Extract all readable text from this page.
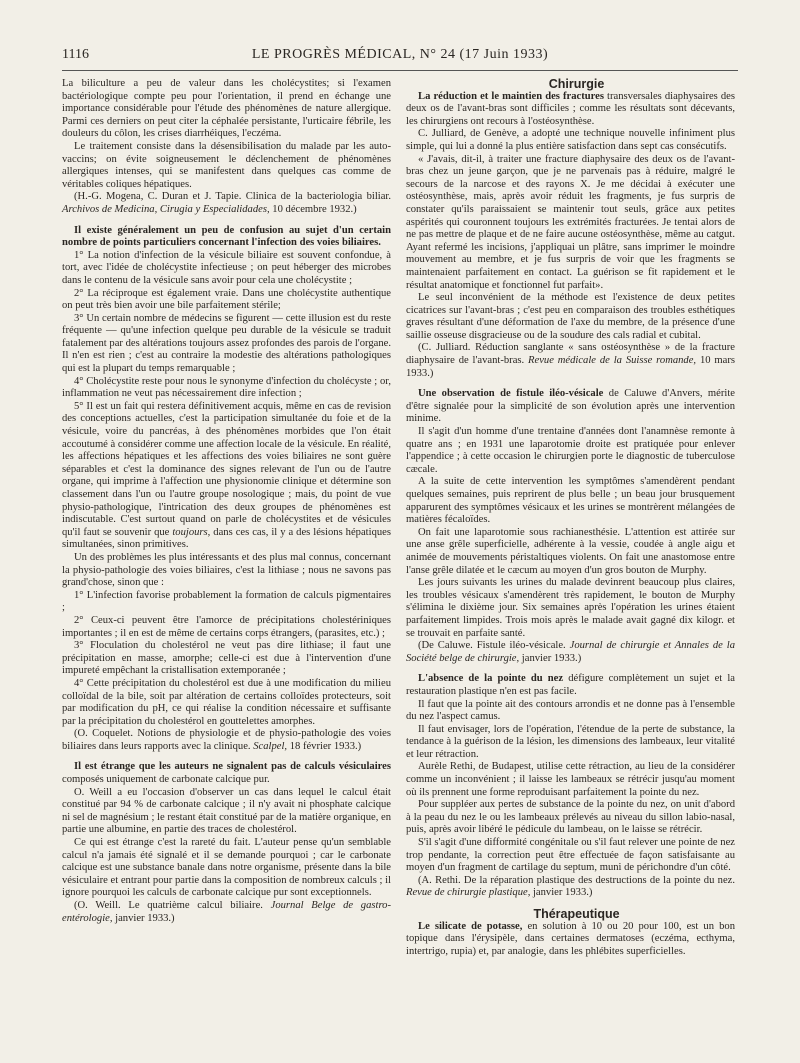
1116	LE PROGRÈS MÉDICAL, N° 24 (17 Juin 1933)

La biliculture a peu de valeur dans les cholécystites; si l'examen bactériologique compte peu pour l'orientation, il prend en échange une importance considérable pour l'étude des phénomènes de nature allergique. Parmi ces derniers on peut citer la céphalée persistante, l'urticaire fébrile, les douleurs du côlon, les crises diarrhéiques, l'eczéma.

Le traitement consiste dans la désensibilisation du malade par les auto-vaccins; on évite soigneusement le déclenchement de phénomènes allergiques intenses, qui se manifestent dans quelques cas comme de véritables coliques hépatiques.

(H.-G. Mogena, C. Duran et J. Tapie. Clinica de la bacteriologia biliar. Archivos de Medicina, Cirugia y Especialidades, 10 décembre 1932.)

Il existe généralement un peu de confusion au sujet d'un certain nombre de points particuliers concernant l'infection des voies biliaires.

1° La notion d'infection de la vésicule biliaire est souvent confondue, à tort, avec l'idée de cholécystite infectieuse ; on peut héberger des microbes dans le contenu de la vésicule sans avoir pour cela une cholécystite ;

2° La réciproque est également vraie. Dans une cholécystite authentique on peut très bien avoir une bile parfaitement stérile;

3° Un certain nombre de médecins se figurent — cette illusion est du reste fréquente — qu'une infection quelque peu durable de la vésicule se traduit fatalement par des altérations toujours assez profondes des parois de l'organe. Il n'en est rien ; c'est au contraire la modestie des altérations pathologiques qui est la plupart du temps remarquable ;

4° Cholécystite reste pour nous le synonyme d'infection du cholécyste ; or, inflammation ne veut pas nécessairement dire infection ;

5° Il est un fait qui restera définitivement acquis, même en cas de revision des conceptions actuelles, c'est la participation simultanée du foie et de la vésicule, voire du pancréas, à des phénomènes morbides que l'on était accoutumé à considérer comme une affection locale de la vésicule. En réalité, les affections hépatiques et les affections des voies biliaires ne sont guère séparables et c'est la dominance des signes relevant de l'un ou de l'autre organe, qui imprime à l'affection une physionomie clinique et détermine son classement dans l'un ou l'autre groupe nosologique ; mais, du point de vue physio-pathologique, l'intrication des deux groupes de phénomènes est indiscutable. C'est surtout quand on parle de cholécystites et de vésicules qu'il faut se souvenir que toujours, dans ces cas, il y a des lésions hépatiques simultanées, sinon primitives.

Un des problèmes les plus intéressants et des plus mal connus, concernant la physio-pathologie des voies biliaires, c'est la lithiase ; nous ne savons pas grand'chose, sinon que :

1° L'infection favorise probablement la formation de calculs pigmentaires ;

2° Ceux-ci peuvent être l'amorce de précipitations cholestériniques importantes ; il en est de même de certains corps étrangers, (parasites, etc.) ;

3° Floculation du cholestérol ne veut pas dire lithiase; il faut une précipitation en masse, amorphe; celle-ci est due à l'intervention d'une impureté empêchant la cristallisation extemporanée ;

4° Cette précipitation du cholestérol est due à une modification du milieu colloïdal de la bile, soit par altération de certains colloïdes protecteurs, soit par modification du pH, ce qui réalise la condition nécessaire et suffisante par la précipitation du cholestérol en gouttelettes amorphes.

(O. Coquelet. Notions de physiologie et de physio-pathologie des voies biliaires dans leurs rapports avec la clinique. Scalpel, 18 février 1933.)

Il est étrange que les auteurs ne signalent pas de calculs vésiculaires composés uniquement de carbonate calcique pur.

O. Weill a eu l'occasion d'observer un cas dans lequel le calcul était constitué par 94 % de carbonate calcique ; il n'y avait ni phosphate calcique ni sel de magnésium ; le restant était constitué par de la matière organique, en partie une albumine, en partie des traces de cholestérol.

Ce qui est étrange c'est la rareté du fait. L'auteur pense qu'un semblable calcul n'a jamais été signalé et il se demande pourquoi ; car le carbonate calcique est une substance banale dans notre organisme, présente dans la bile vésiculaire et entrant pour partie dans la composition de nombreux calculs ; il ignore pourquoi les calculs de carbonate calcique pur sont exceptionnels.

(O. Weill. Le quatrième calcul biliaire. Journal Belge de gastro-entérologie, janvier 1933.)

Chirurgie

La réduction et le maintien des fractures transversales diaphysaires des deux os de l'avant-bras sont difficiles ; comme les résultats sont décevants, les chirurgiens ont recours à l'ostéosynthèse.

C. Julliard, de Genève, a adopté une technique nouvelle infiniment plus simple, qui lui a donné la plus entière satisfaction dans sept cas consécutifs.

« J'avais, dit-il, à traiter une fracture diaphysaire des deux os de l'avant-bras chez un jeune garçon, que je ne parvenais pas à réduire, malgré le secours de la narcose et des rayons X. Je me décidai à exécuter une ostéosynthèse, mais, après avoir réduit les fragments, je fus surpris de constater qu'ils paraissaient se maintenir tout seuls, grâce aux petites aspérités qui couronnent toujours les extrémités fracturées. Je tentai alors de ne pas mettre de plaque et de ne faire aucune ostéosynthèse, même au catgut. Ayant refermé les incisions, j'appliquai un plâtre, sans imprimer le moindre mouvement au membre, et je fus surpris de voir que les fragments se maintenaient parfaitement en contact. La guérison se fit rapidement et le résultat anatomique et fonctionnel fut parfait».

Le seul inconvénient de la méthode est l'existence de deux petites cicatrices sur l'avant-bras ; c'est peu en comparaison des troubles esthétiques graves résultant d'une déformation de l'axe du membre, de la présence d'une saillie osseuse disgracieuse ou de la soudure des cals radial et cubital.

(C. Julliard. Réduction sanglante « sans ostéosynthèse » de la fracture diaphysaire de l'avant-bras. Revue médicale de la Suisse romande, 10 mars 1933.)

Une observation de fistule iléo-vésicale de Caluwe d'Anvers, mérite d'être signalée pour la simplicité de son évolution après une intervention minime.

Il s'agit d'un homme d'une trentaine d'années dont l'anamnèse remonte à quatre ans ; en 1931 une laparotomie droite est pratiquée pour enlever l'appendice ; à cette occasion le chirurgien porte le diagnostic de tuberculose cæcale.

A la suite de cette intervention les symptômes s'amendèrent pendant quelques semaines, puis reprirent de plus belle ; un beau jour brusquement apparurent des symptômes vésicaux et les urines se montrèrent mélangées de matières fécaloïdes.

On fait une laparotomie sous rachianesthésie. L'attention est attirée sur une anse grêle superficielle, adhérente à la vessie, coudée à angle aigu et animée de mouvements péristaltiques violents. On fait une anastomose entre l'anse grêle dilatée et le cæcum au moyen d'un gros bouton de Murphy.

Les jours suivants les urines du malade devinrent beaucoup plus claires, les troubles vésicaux s'amendèrent très rapidement, le bouton de Murphy s'élimina le dixième jour. Six semaines après l'opération les urines étaient parfaitement limpides. Trois mois après le malade avait gagné dix kilogr. et se trouvait en parfaite santé.

(De Caluwe. Fistule iléo-vésicale. Journal de chirurgie et Annales de la Société belge de chirurgie, janvier 1933.)

L'absence de la pointe du nez défigure complètement un sujet et la restauration plastique n'en est pas facile.

Il faut que la pointe ait des contours arrondis et ne donne pas à l'ensemble du nez l'aspect camus.

Il faut envisager, lors de l'opération, l'étendue de la perte de substance, la tendance à la guérison de la lésion, les dimensions des lambeaux, leur vitalité et leur rétraction.

Aurèle Rethi, de Budapest, utilise cette rétraction, au lieu de la considérer comme un inconvénient ; il laisse les lambeaux se rétrécir jusqu'au moment où ils prennent une forme reproduisant parfaitement la pointe du nez.

Pour suppléer aux pertes de substance de la pointe du nez, on unit d'abord à la peau du nez le ou les lambeaux prélevés au niveau du sillon labio-nasal, puis, après avoir libéré le pédicule du lambeau, on le laisse se rétrécir.

S'il s'agit d'une difformité congénitale ou s'il faut relever une pointe de nez trop pendante, la correction peut être effectuée de façon satisfaisante au moyen d'un fragment de cartilage du septum, muni de périchondre d'un côté.

(A. Rethi. De la réparation plastique des destructions de la pointe du nez. Revue de chirurgie plastique, janvier 1933.)

Thérapeutique

Le silicate de potasse, en solution à 10 ou 20 pour 100, est un bon topique dans l'érysipèle, dans certaines dermatoses (eczéma, ecthyma, intertrigo, rupia) et, par analogie, dans les phlébites superficielles.
